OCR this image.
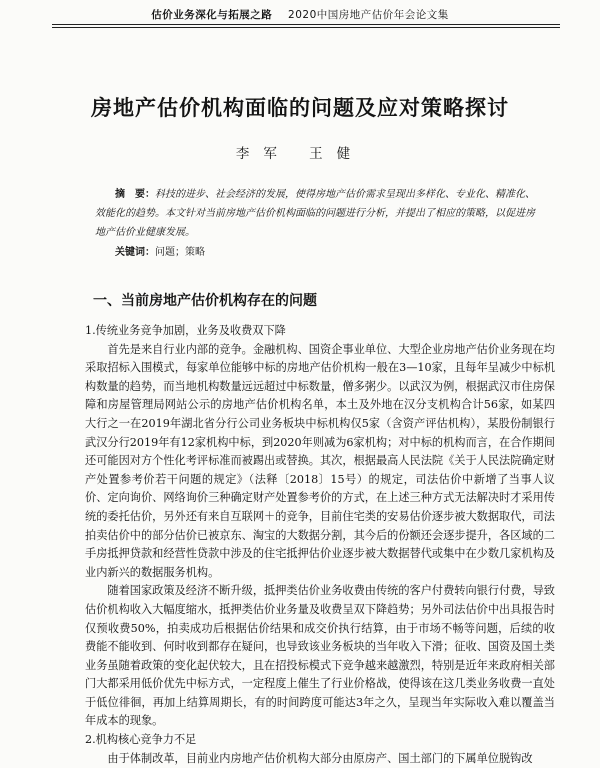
估价业务深化与拓展之路 2020中国房地产估价年会论文集
房地产估价机构面临的问题及应对策略探讨
李军 王健
摘　要：科技的进步、社会经济的发展，使得房地产估价需求呈现出多样化、专业化、精准化、效能化的趋势。本文针对当前房地产估价机构面临的问题进行分析，并提出了相应的策略，以促进房地产估价业健康发展。
关键词：问题；策略
一、当前房地产估价机构存在的问题
1.传统业务竞争加剧，业务及收费双下降

首先是来自行业内部的竞争。金融机构、国资企事业单位、大型企业房地产估价业务现在均采取招标入围模式，每家单位能够中标的房地产估价机构一般在3—10家，且每年呈减少中标机构数量的趋势，而当地机构数量远远超过中标数量，僧多粥少。以武汉为例，根据武汉市住房保障和房屋管理局网站公示的房地产估价机构名单，本土及外地在汉分支机构合计56家，如某四大行之一在2019年湖北省分行公司业务板块中标机构仅5家（含资产评估机构），某股份制银行武汉分行2019年有12家机构中标，到2020年则减为6家机构；对中标的机构而言，在合作期间还可能因对方个性化考评标准而被踢出或替换。其次，根据最高人民法院《关于人民法院确定财产处置参考价若干问题的规定》（法释〔2018〕15号）的规定，司法估价中新增了当事人议价、定向询价、网络询价三种确定财产处置参考价的方式，在上述三种方式无法解决时才采用传统的委托估价，另外还有来自互联网＋的竞争，目前住宅类的安易估价逐步被大数据取代，司法拍卖估价中的部分估价已被京东、淘宝的大数据分割，其今后的份额还会逐步提升，各区域的二手房抵押贷款和经营性贷款中涉及的住宅抵押估价业逐步被大数据替代或集中在少数几家机构及业内新兴的数据服务机构。

随着国家政策及经济不断升级，抵押类估价业务收费由传统的客户付费转向银行付费，导致估价机构收入大幅度缩水，抵押类估价业务量及收费呈双下降趋势；另外司法估价中出具报告时仅预收费50%，拍卖成功后根据估价结果和成交价执行结算，由于市场不畅等问题，后续的收费能不能收到、何时收到都存在疑问，也导致该业务板块的当年收入下滑；征收、国资及国土类业务虽随着政策的变化起伏较大，且在招投标模式下竞争越来越激烈，特别是近年来政府相关部门大都采用低价优先中标方式，一定程度上催生了行业价格战，使得该在这几类业务收费一直处于低位徘徊，再加上结算周期长，有的时间跨度可能达3年之久，呈现当年实际收入难以覆盖当年成本的现象。

2.机构核心竞争力不足

由于体制改革，目前业内房地产估价机构大部分由原房产、国土部门的下属单位脱钩改
